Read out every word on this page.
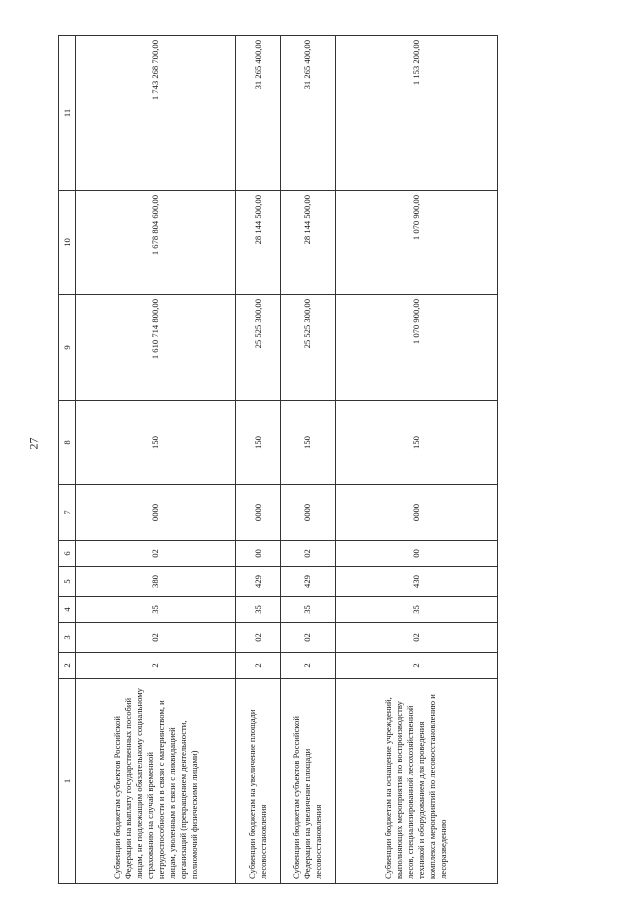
27
1	2	3	4	5	6	7	8	9	10	11
Субвенции бюджетам субъектов Российской Федерации на выплату государственных пособий лицам, не подлежащим обязательному социальному страхованию на случай временной нетрудоспособности и в связи с материнством, и лицам, уволенным в связи с ликвидацией организаций (прекращением деятельности, полномочий физическими лицами)	2	02	35	380	02	0000	150	1 610 714 800,00	1 678 804 600,00	1 743 268 700,00
Субвенции бюджетам на увеличение площади лесовосстановления	2	02	35	429	00	0000	150	25 525 300,00	28 144 500,00	31 265 400,00
Субвенции бюджетам субъектов Российской Федерации на увеличение площади лесовосстановления	2	02	35	429	02	0000	150	25 525 300,00	28 144 500,00	31 265 400,00
Субвенции бюджетам на оснащение учреждений, выполняющих мероприятия по воспроизводству лесов, специализированной лесохозяйственной техникой и оборудованием для проведения комплекса мероприятий по лесовосстановлению и лесоразведению	2	02	35	430	00	0000	150	1 070 900,00	1 070 900,00	1 153 200,00
